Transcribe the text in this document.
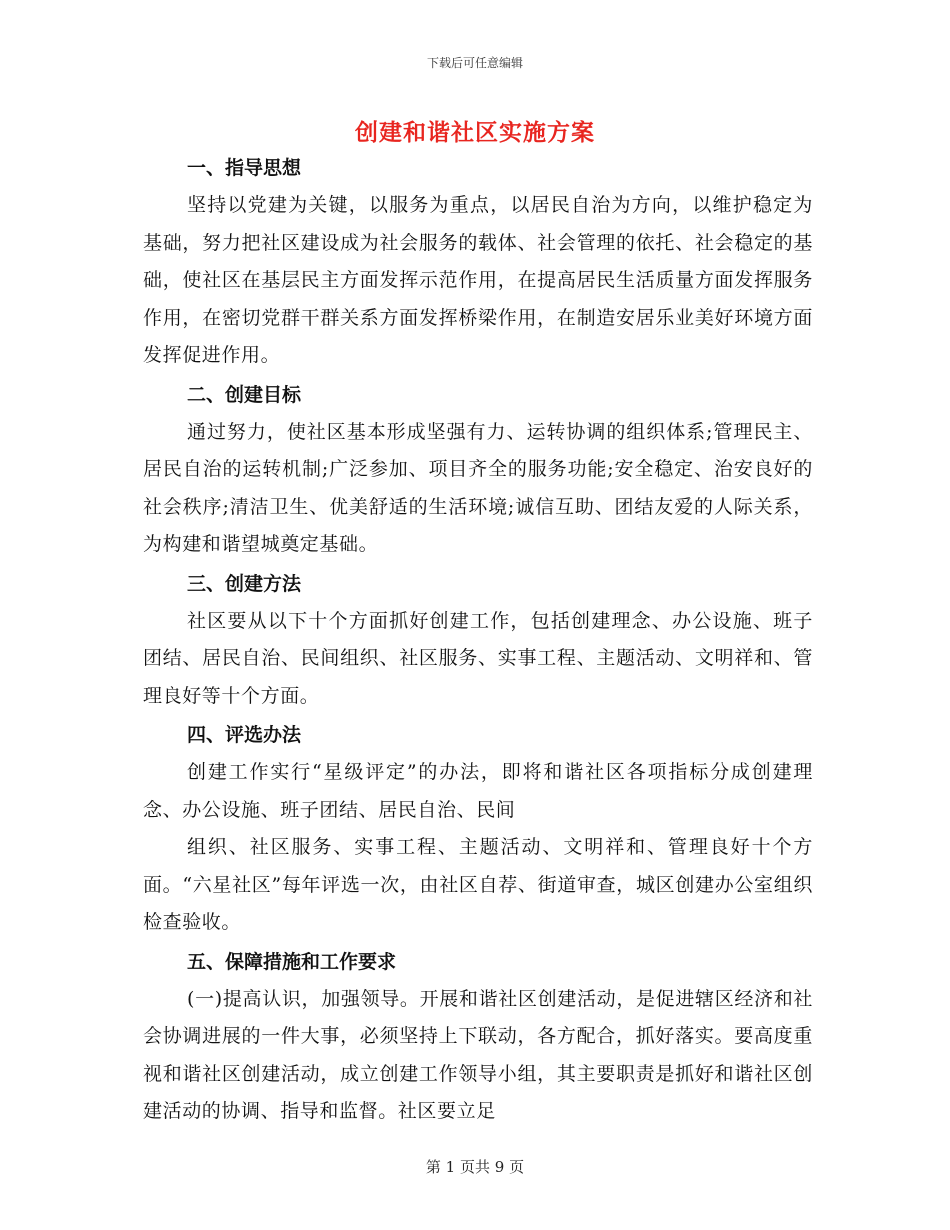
下载后可任意编辑
创建和谐社区实施方案
一、指导思想

坚持以党建为关键，以服务为重点，以居民自治为方向，以维护稳定为基础，努力把社区建设成为社会服务的载体、社会管理的依托、社会稳定的基础，使社区在基层民主方面发挥示范作用，在提高居民生活质量方面发挥服务作用，在密切党群干群关系方面发挥桥梁作用，在制造安居乐业美好环境方面发挥促进作用。

二、创建目标

通过努力，使社区基本形成坚强有力、运转协调的组织体系;管理民主、居民自治的运转机制;广泛参加、项目齐全的服务功能;安全稳定、治安良好的社会秩序;清洁卫生、优美舒适的生活环境;诚信互助、团结友爱的人际关系，为构建和谐望城奠定基础。

三、创建方法

社区要从以下十个方面抓好创建工作，包括创建理念、办公设施、班子团结、居民自治、民间组织、社区服务、实事工程、主题活动、文明祥和、管理良好等十个方面。

四、评选办法

创建工作实行“星级评定”的办法，即将和谐社区各项指标分成创建理念、办公设施、班子团结、居民自治、民间

组织、社区服务、实事工程、主题活动、文明祥和、管理良好十个方面。“六星社区”每年评选一次，由社区自荐、街道审查，城区创建办公室组织检查验收。

五、保障措施和工作要求

(一)提高认识，加强领导。开展和谐社区创建活动，是促进辖区经济和社会协调进展的一件大事，必须坚持上下联动，各方配合，抓好落实。要高度重视和谐社区创建活动，成立创建工作领导小组，其主要职责是抓好和谐社区创建活动的协调、指导和监督。社区要立足

第 1 页共 9 页
